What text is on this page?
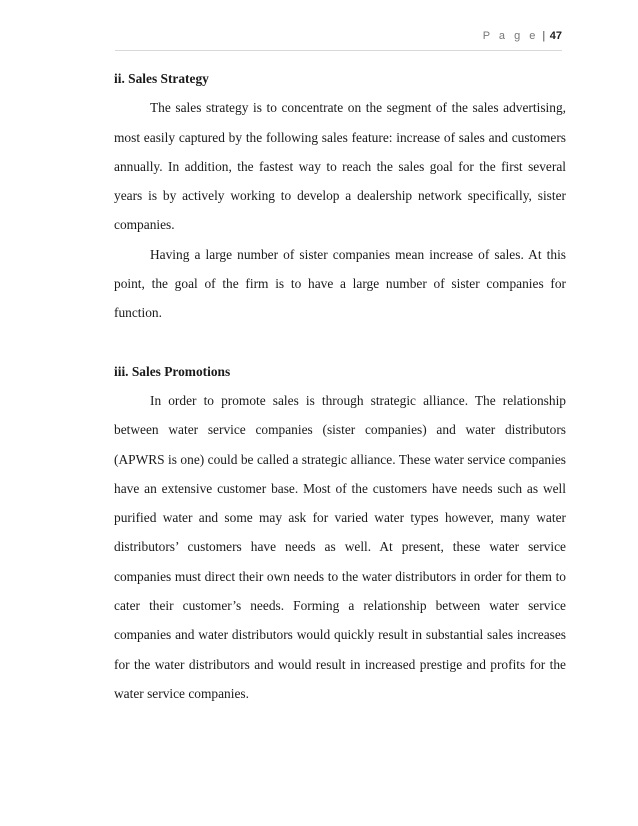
P a g e | 47

ii. Sales Strategy

The sales strategy is to concentrate on the segment of the sales advertising, most easily captured by the following sales feature: increase of sales and customers annually. In addition, the fastest way to reach the sales goal for the first several years is by actively working to develop a dealership network specifically, sister companies.

Having a large number of sister companies mean increase of sales. At this point, the goal of the firm is to have a large number of sister companies for function.

iii. Sales Promotions

In order to promote sales is through strategic alliance. The relationship between water service companies (sister companies) and water distributors (APWRS is one) could be called a strategic alliance. These water service companies have an extensive customer base. Most of the customers have needs such as well purified water and some may ask for varied water types however, many water distributors’ customers have needs as well. At present, these water service companies must direct their own needs to the water distributors in order for them to cater their customer’s needs. Forming a relationship between water service companies and water distributors would quickly result in substantial sales increases for the water distributors and would result in increased prestige and profits for the water service companies.
